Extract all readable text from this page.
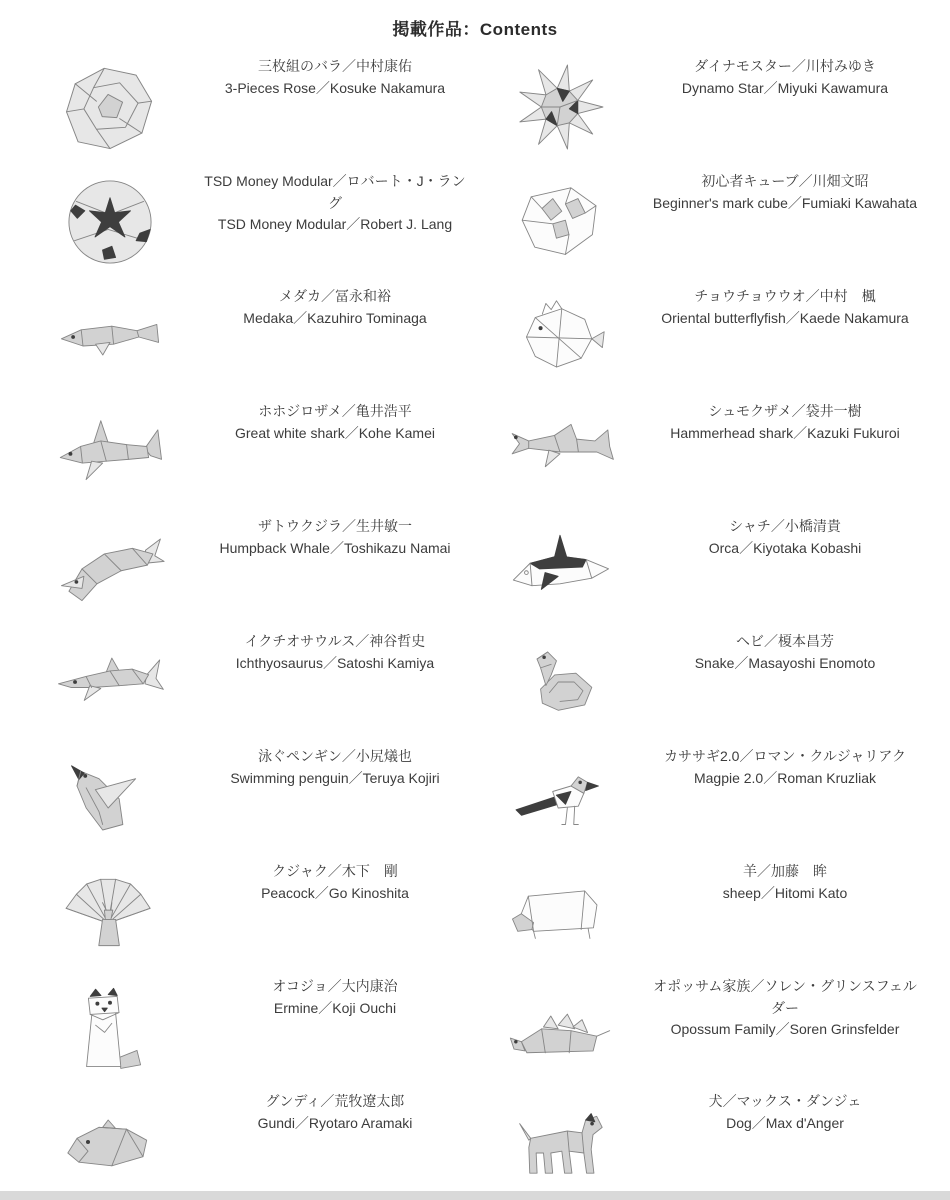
掲載作品：Contents
三枚組のバラ／中村康佑
3-Pieces Rose／Kosuke Nakamura
ダイナモスター／川村みゆき
Dynamo Star／Miyuki Kawamura
TSD Money Modular／ロバート・J・ラング
TSD Money Modular／Robert J. Lang
初心者キューブ／川畑文昭
Beginner's mark cube／Fumiaki Kawahata
メダカ／冨永和裕
Medaka／Kazuhiro Tominaga
チョウチョウウオ／中村　楓
Oriental butterflyfish／Kaede Nakamura
ホホジロザメ／亀井浩平
Great white shark／Kohe Kamei
シュモクザメ／袋井一樹
Hammerhead shark／Kazuki Fukuroi
ザトウクジラ／生井敏一
Humpback Whale／Toshikazu Namai
シャチ／小橋清貴
Orca／Kiyotaka Kobashi
イクチオサウルス／神谷哲史
Ichthyosaurus／Satoshi Kamiya
ヘビ／榎本昌芳
Snake／Masayoshi Enomoto
泳ぐペンギン／小尻燨也
Swimming penguin／Teruya Kojiri
カササギ2.0／ロマン・クルジャリアク
Magpie 2.0／Roman Kruzliak
クジャク／木下　剛
Peacock／Go Kinoshita
羊／加藤　眸
sheep／Hitomi Kato
オコジョ／大内康治
Ermine／Koji Ouchi
オポッサム家族／ソレン・グリンスフェルダー
Opossum Family／Soren Grinsfelder
グンディ／荒牧遼太郎
Gundi／Ryotaro Aramaki
犬／マックス・ダンジェ
Dog／Max d'Anger
